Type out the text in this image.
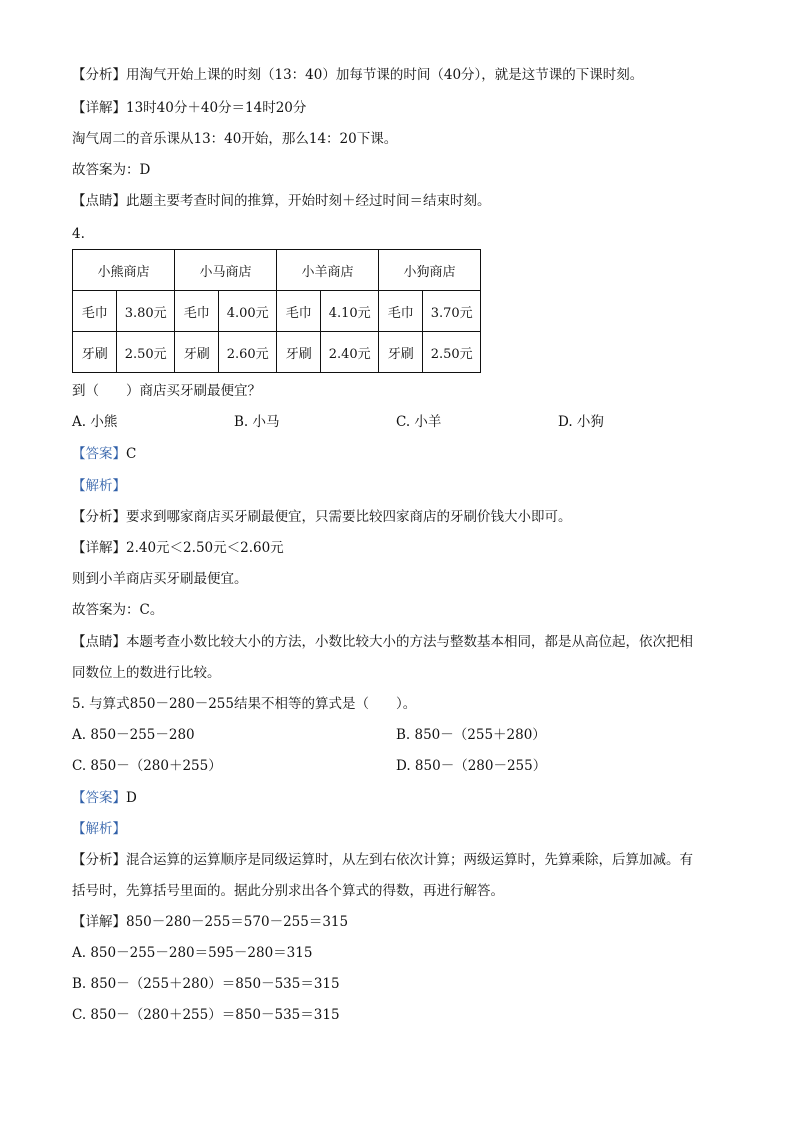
【分析】用淘气开始上课的时刻（13：40）加每节课的时间（40分），就是这节课的下课时刻。
【详解】13时40分＋40分＝14时20分
淘气周二的音乐课从13：40开始，那么14：20下课。
故答案为：D
【点睛】此题主要考查时间的推算，开始时刻＋经过时间＝结束时刻。
4.
小熊商店		小马商店		小羊商店		小狗商店	
毛巾	3.80元	毛巾	4.00元	毛巾	4.10元	毛巾	3.70元
牙刷	2.50元	牙刷	2.60元	牙刷	2.40元	牙刷	2.50元
到（　　）商店买牙刷最便宜？
A. 小熊	B. 小马	C. 小羊	D. 小狗
【答案】C
【解析】
【分析】要求到哪家商店买牙刷最便宜，只需要比较四家商店的牙刷价钱大小即可。
【详解】2.40元＜2.50元＜2.60元
则到小羊商店买牙刷最便宜。
故答案为：C。
【点睛】本题考查小数比较大小的方法，小数比较大小的方法与整数基本相同，都是从高位起，依次把相
同数位上的数进行比较。
5. 与算式850－280－255结果不相等的算式是（　　）。
A. 850－255－280	B. 850－（255＋280）
C. 850－（280＋255）	D. 850－（280－255）
【答案】D
【解析】
【分析】混合运算的运算顺序是同级运算时，从左到右依次计算；两级运算时，先算乘除，后算加减。有
括号时，先算括号里面的。据此分别求出各个算式的得数，再进行解答。
【详解】850－280－255＝570－255＝315
A. 850－255－280＝595－280＝315
B. 850－（255＋280）＝850－535＝315
C. 850－（280＋255）＝850－535＝315
